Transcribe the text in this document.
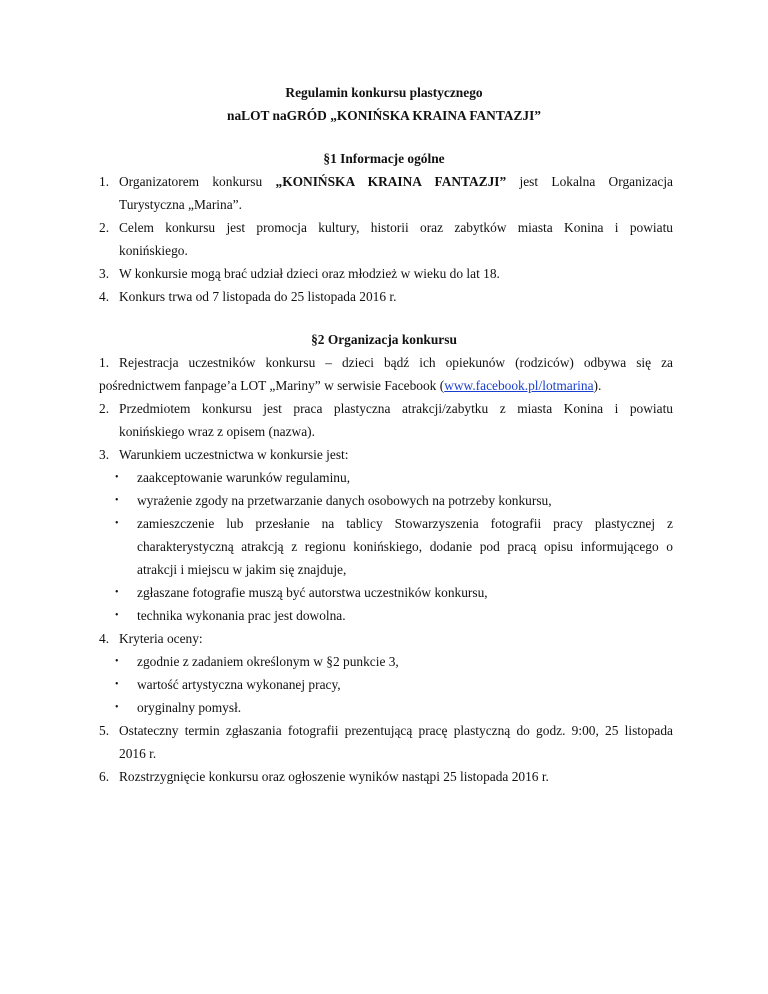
Regulamin konkursu plastycznego
naLOT naGRÓD „KONIŃSKA KRAINA FANTAZJI”
§1 Informacje ogólne
1. Organizatorem konkursu „KONIŃSKA KRAINA FANTAZJI” jest Lokalna Organizacja
Turystyczna „Marina”.
2. Celem konkursu jest promocja kultury, historii oraz zabytków miasta Konina i powiatu
konińskiego.
3. W konkursie mogą brać udział dzieci oraz młodzież w wieku do lat 18.
4. Konkurs trwa od 7 listopada do 25 listopada 2016 r.
§2 Organizacja konkursu
1. Rejestracja uczestników konkursu – dzieci bądź ich opiekunów (rodziców) odbywa się za
pośrednictwem fanpage’a LOT „Mariny” w serwisie Facebook (www.facebook.pl/lotmarina).
2. Przedmiotem konkursu jest praca plastyczna atrakcji/zabytku z miasta Konina i powiatu
konińskiego wraz z opisem (nazwa).
3. Warunkiem uczestnictwa w konkursie jest:
• zaakceptowanie warunków regulaminu,
• wyrażenie zgody na przetwarzanie danych osobowych na potrzeby konkursu,
• zamieszczenie lub przesłanie na tablicy Stowarzyszenia fotografii pracy plastycznej z
charakterystyczną atrakcją z regionu konińskiego, dodanie pod pracą opisu informującego o
atrakcji i miejscu w jakim się znajduje,
• zgłaszane fotografie muszą być autorstwa uczestników konkursu,
• technika wykonania prac jest dowolna.
4. Kryteria oceny:
• zgodnie z zadaniem określonym w §2 punkcie 3,
• wartość artystyczna wykonanej pracy,
• oryginalny pomysł.
5. Ostateczny termin zgłaszania fotografii prezentującą pracę plastyczną do godz. 9:00, 25 listopada
2016 r.
6. Rozstrzygnięcie konkursu oraz ogłoszenie wyników nastąpi 25 listopada 2016 r.
